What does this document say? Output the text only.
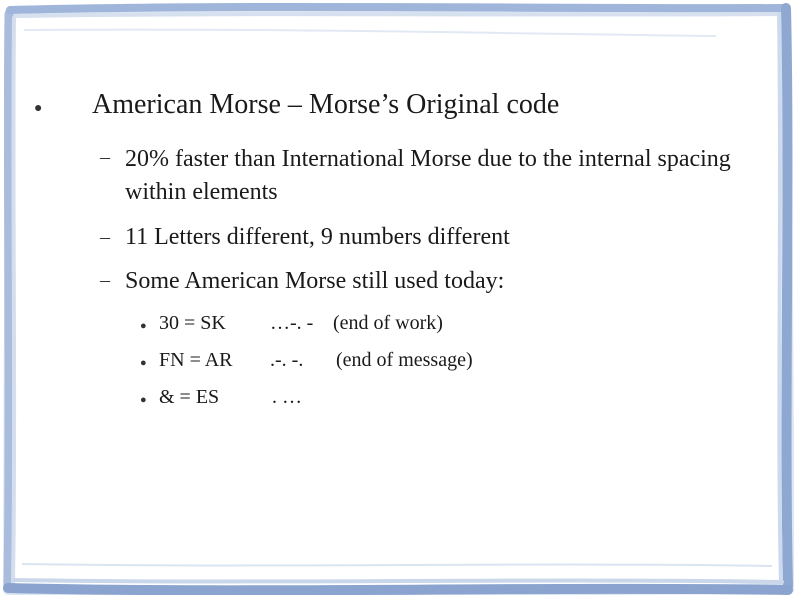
● American Morse – Morse’s Original code
– 20% faster than International Morse due to the internal spacing within elements
– 11 Letters different, 9 numbers different
– Some American Morse still used today:
● 30 = SK …-. - (end of work)
● FN = AR .-. -. (end of message)
● & = ES	. …
